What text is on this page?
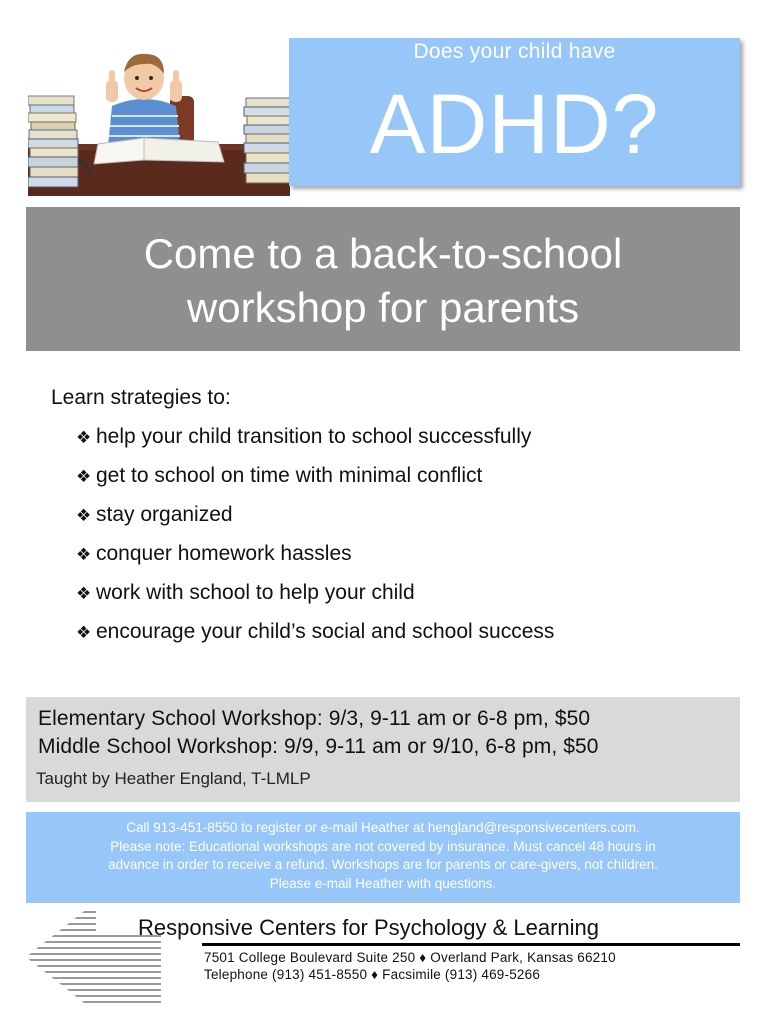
Does your child have
ADHD?
Come to a back-to-school
workshop for parents
Learn strategies to:
❖ help your child transition to school successfully
❖ get to school on time with minimal conflict
❖ stay organized
❖ conquer homework hassles
❖ work with school to help your child
❖ encourage your child’s social and school success
Elementary School Workshop: 9/3, 9-11 am or 6-8 pm, $50
Middle School Workshop: 9/9, 9-11 am or 9/10, 6-8 pm, $50
Taught by Heather England, T-LMLP
Call 913-451-8550 to register or e-mail Heather at hengland@responsivecenters.com.
Please note: Educational workshops are not covered by insurance. Must cancel 48 hours in
advance in order to receive a refund. Workshops are for parents or care-givers, not children.
Please e-mail Heather with questions.
Responsive Centers for Psychology & Learning
7501 College Boulevard Suite 250 ♦ Overland Park, Kansas 66210
Telephone (913) 451-8550 ♦ Facsimile (913) 469-5266
